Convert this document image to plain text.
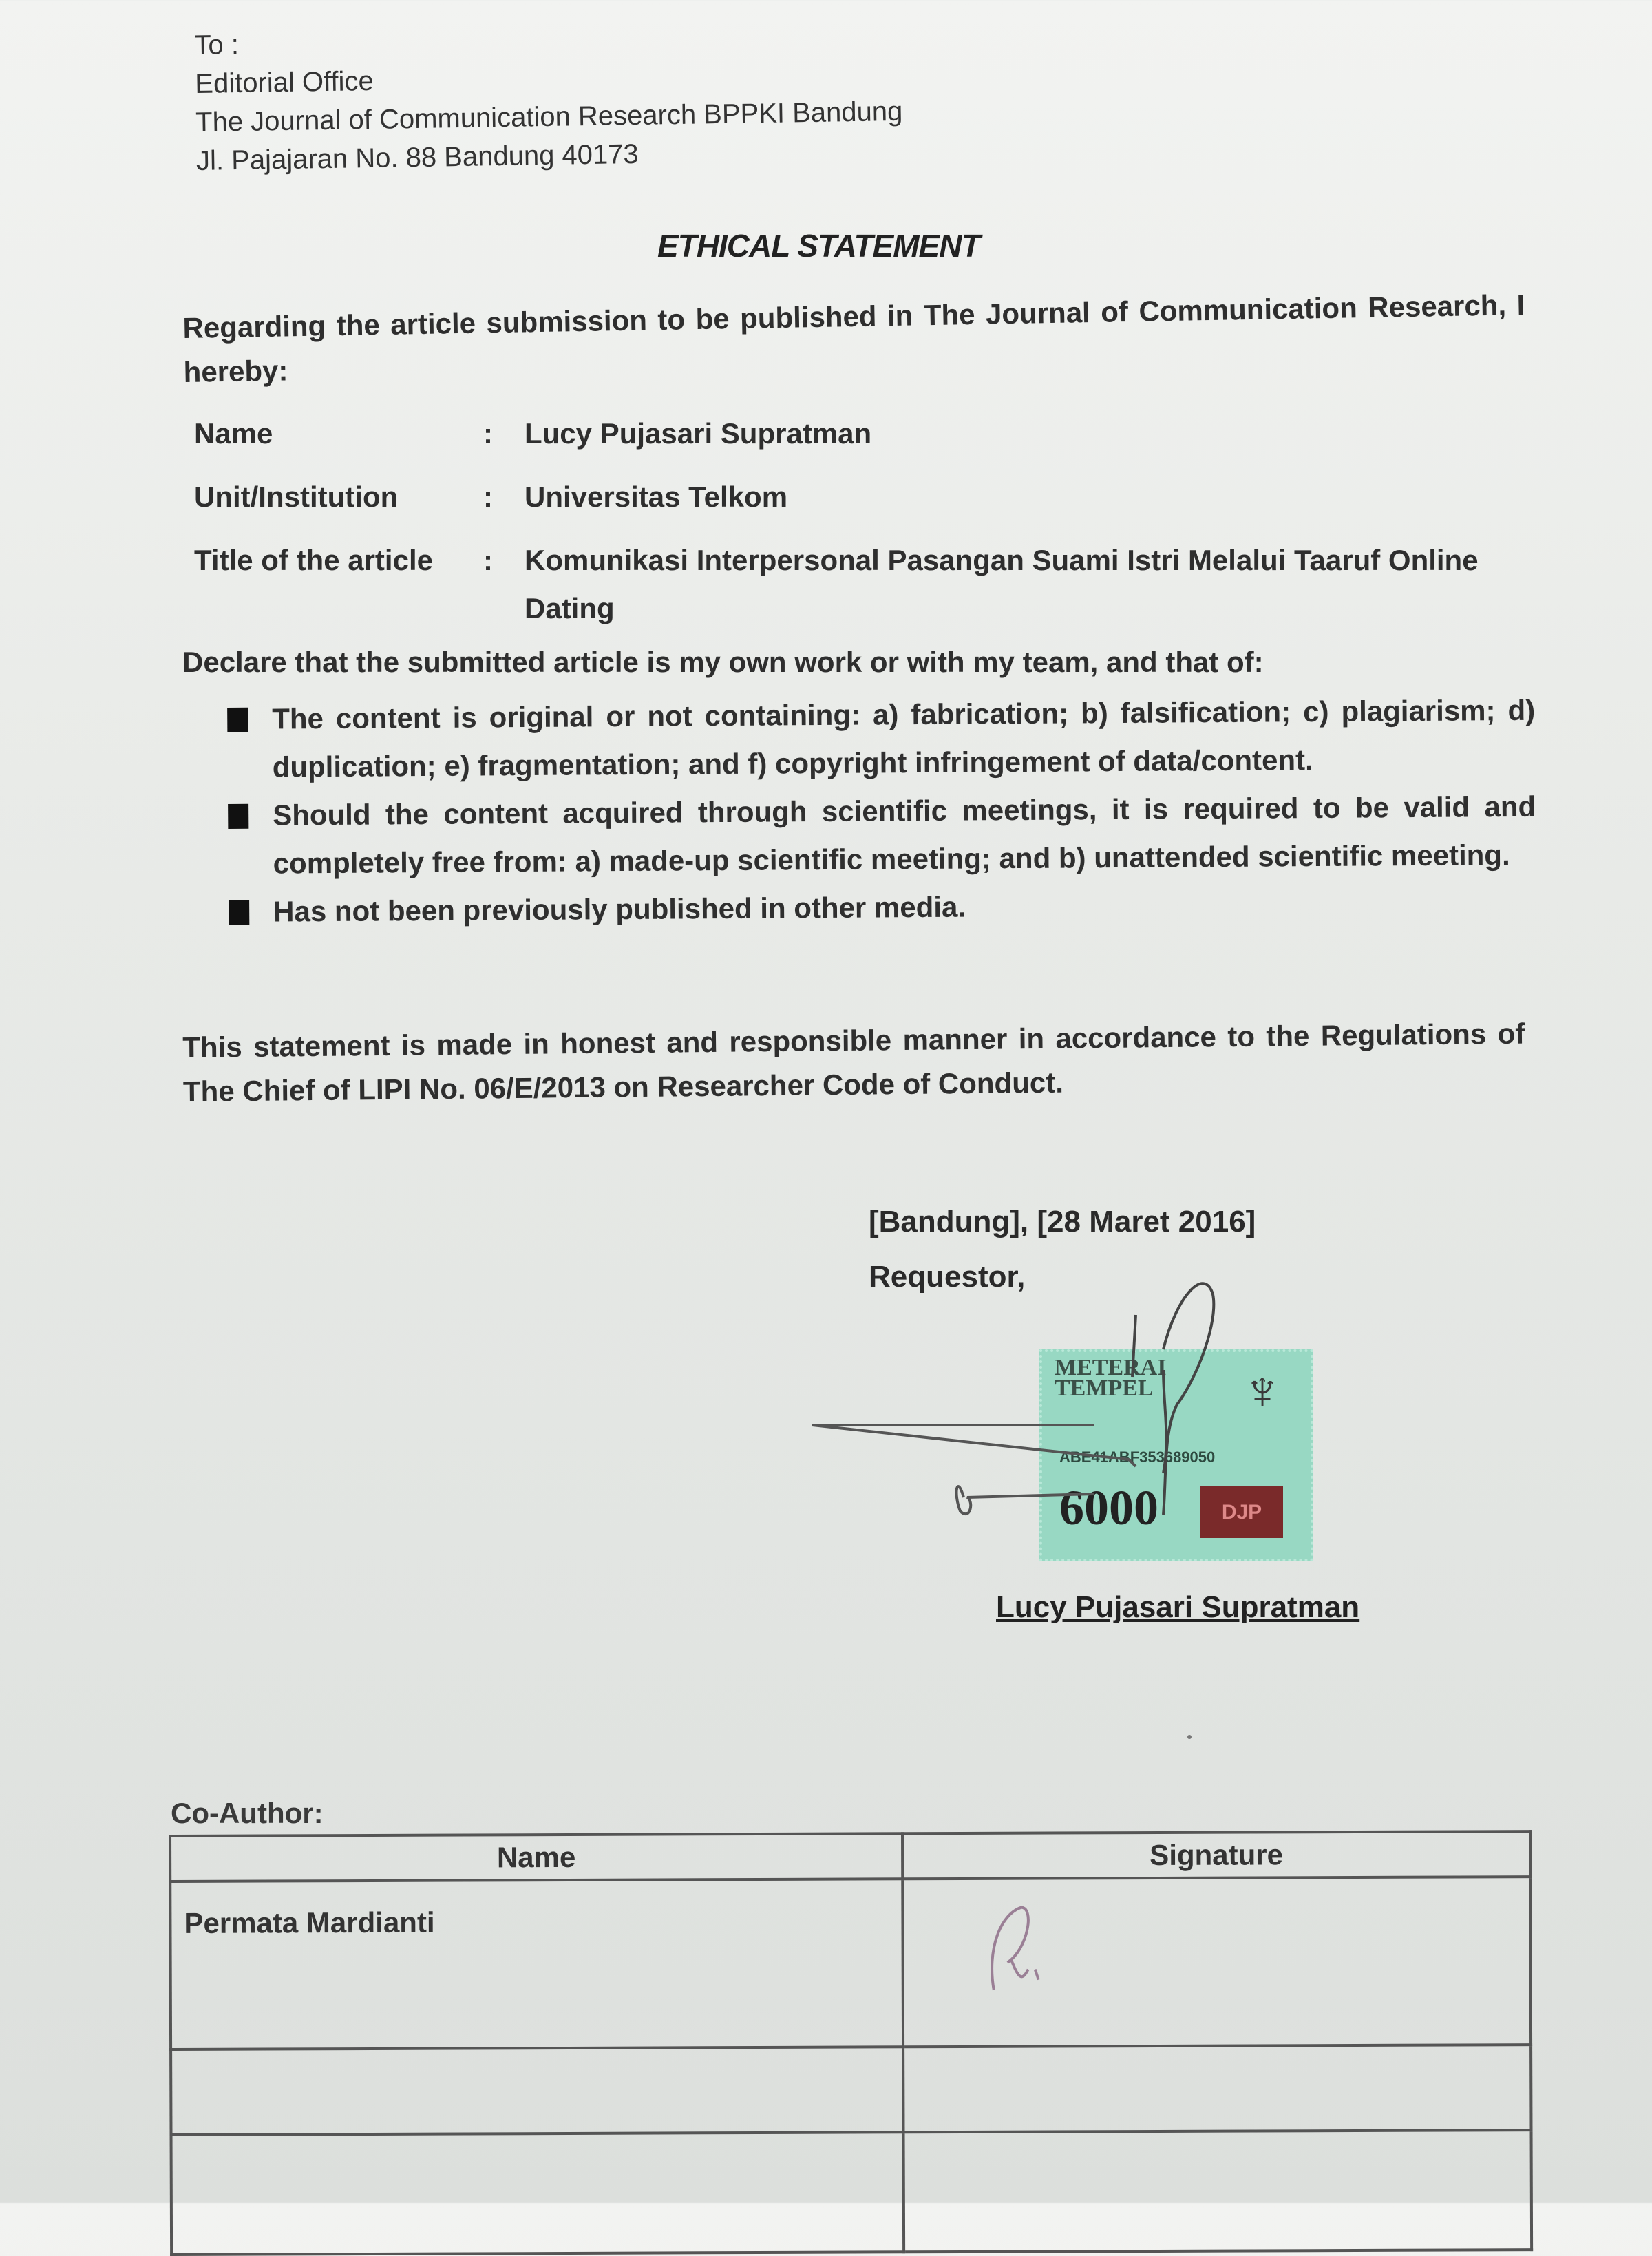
To :
Editorial Office
The Journal of Communication Research BPPKI Bandung
Jl. Pajajaran No. 88 Bandung 40173
ETHICAL STATEMENT
Regarding the article submission to be published in The Journal of Communication Research, I hereby:
Name	:	Lucy Pujasari Supratman
Unit/Institution	:	Universitas Telkom
Title of the article	:	Komunikasi Interpersonal Pasangan Suami Istri Melalui Taaruf Online Dating
Declare that the submitted article is my own work or with my team, and that of:
The content is original or not containing: a) fabrication; b) falsification; c) plagiarism; d) duplication; e) fragmentation; and f) copyright infringement of data/content.
Should the content acquired through scientific meetings, it is required to be valid and completely free from: a) made-up scientific meeting; and b) unattended scientific meeting.
Has not been previously published in other media.
This statement is made in honest and responsible manner in accordance to the Regulations of The Chief of LIPI No. 06/E/2013 on Researcher Code of Conduct.
[Bandung], [28 Maret 2016]
Requestor,
METERAI
TEMPEL ♆
ABE41ABF353689050
6000	DJP
Lucy Pujasari Supratman
Co-Author:
Name	Signature
Permata Mardianti	
